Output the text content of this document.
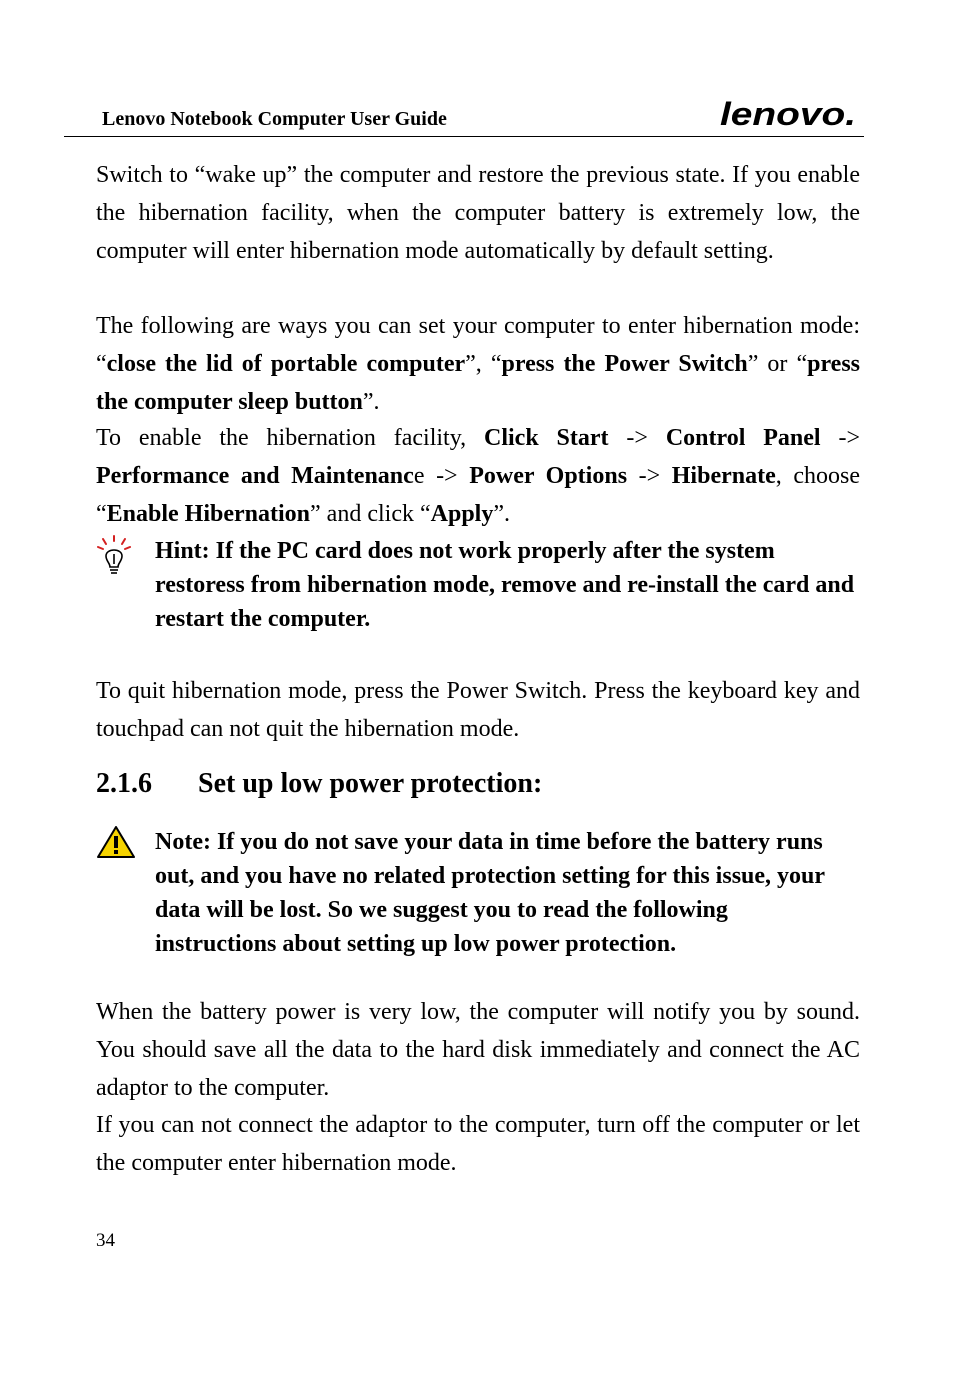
Lenovo Notebook Computer User Guide	lenovo.
Switch to “wake up” the computer and restore the previous state. If you enable the hibernation facility, when the computer battery is extremely low, the computer will enter hibernation mode automatically by default setting.
The following are ways you can set your computer to enter hibernation mode: “close the lid of portable computer”, “press the Power Switch” or “press the computer sleep button”.
To enable the hibernation facility, Click Start -> Control Panel -> Performance and Maintenance -> Power Options -> Hibernate, choose “Enable Hibernation” and click “Apply”.
Hint: If the PC card does not work properly after the system restoress from hibernation mode, remove and re-install the card and restart the computer.
To quit hibernation mode, press the Power Switch. Press the keyboard key and touchpad can not quit the hibernation mode.
2.1.6 Set up low power protection:
Note: If you do not save your data in time before the battery runs out, and you have no related protection setting for this issue, your data will be lost. So we suggest you to read the following instructions about setting up low power protection.
When the battery power is very low, the computer will notify you by sound. You should save all the data to the hard disk immediately and connect the AC adaptor to the computer.
If you can not connect the adaptor to the computer, turn off the computer or let the computer enter hibernation mode.
34
